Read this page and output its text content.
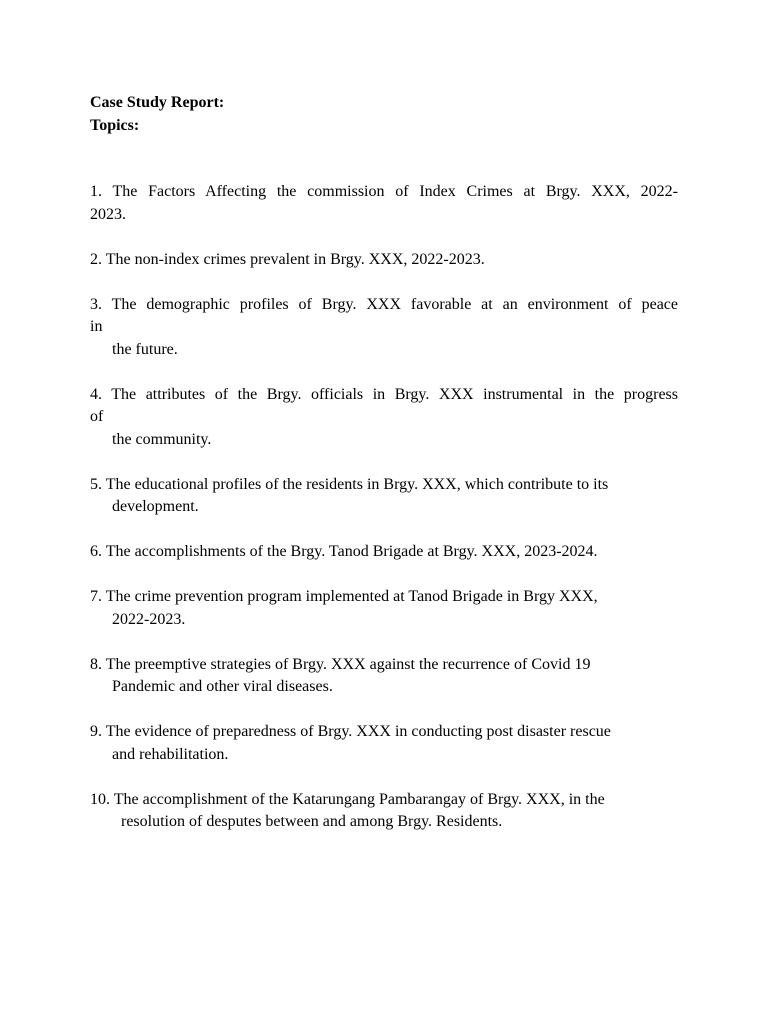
Case Study Report:
Topics:

1. The Factors Affecting the commission of Index Crimes at Brgy. XXX, 2022-
2023.

2. The non-index crimes prevalent in Brgy. XXX, 2022-2023.

3. The demographic profiles of Brgy. XXX favorable at an environment of peace
in
the future.

4. The attributes of the Brgy. officials in Brgy. XXX instrumental in the progress
of
the community.

5. The educational profiles of the residents in Brgy. XXX, which contribute to its
development.

6. The accomplishments of the Brgy. Tanod Brigade at Brgy. XXX, 2023-2024.

7. The crime prevention program implemented at Tanod Brigade in Brgy XXX,
2022-2023.

8. The preemptive strategies of Brgy. XXX against the recurrence of Covid 19
Pandemic and other viral diseases.

9. The evidence of preparedness of Brgy. XXX in conducting post disaster rescue
and rehabilitation.

10. The accomplishment of the Katarungang Pambarangay of Brgy. XXX, in the
resolution of desputes between and among Brgy. Residents.
